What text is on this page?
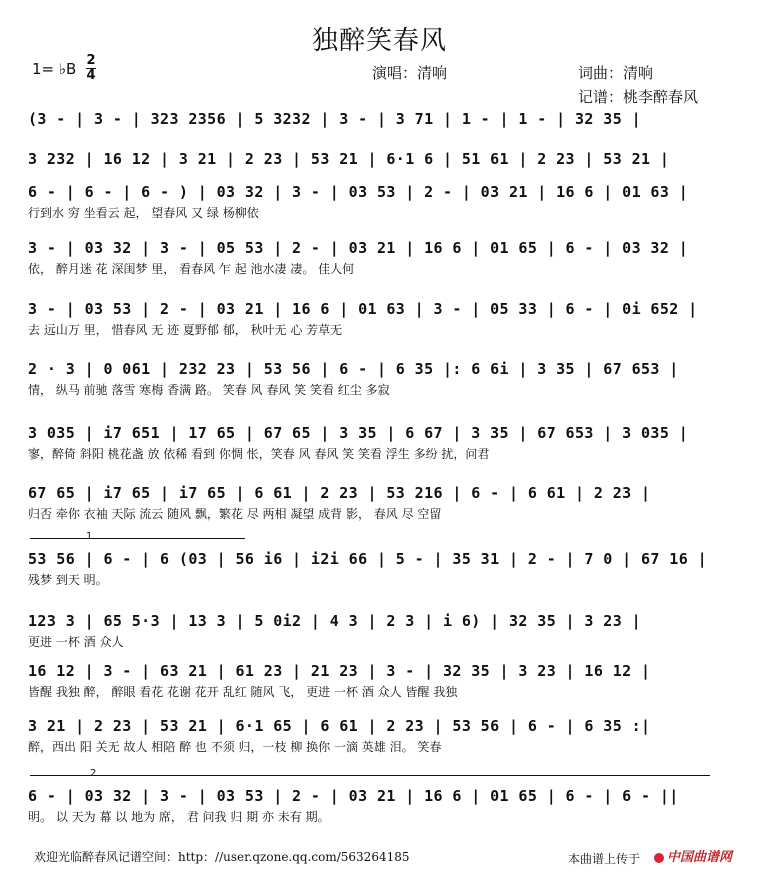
独醉笑春风
1= ♭B 2
4	演唱：清响	词曲：清响
记谱：桃李醉春风
(3 - | 3 - | 323 2356 | 5 3232 | 3 - | 3 71 | 1 - | 1 - | 32 35 |
3 232 | 16 12 | 3 21 | 2 23 | 53 21 | 6·1 6 | 51 61 | 2 23 | 53 21 |
6 - | 6 - | 6 - ) | 03 32 | 3 - | 03 53 | 2 - | 03 21 | 16 6 | 01 63 |
行到水 穷 坐看云 起， 望春风 又 绿 杨柳依
3 - | 03 32 | 3 - | 05 53 | 2 - | 03 21 | 16 6 | 01 65 | 6 - | 03 32 |
依， 醉月迷 花 深闺梦 里， 看春风 乍 起 池水凄 凄。 佳人何
3 - | 03 53 | 2 - | 03 21 | 16 6 | 01 63 | 3 - | 05 33 | 6 - | 0i 652 |
去 远山万 里， 惜春风 无 迹 夏野郁 郁， 秋叶无 心 芳草无
2 · 3 | 0 061 | 232 23 | 53 56 | 6 - | 6 35 |: 6 6i | 3 35 | 67 653 |
情， 纵马 前驰 落雪 寒梅 香满 路。 笑春 风 春风 笑 笑看 红尘 多寂
3 035 | i7 651 | 17 65 | 67 65 | 3 35 | 6 67 | 3 35 | 67 653 | 3 035 |
寥，醉倚 斜阳 桃花盏 放 依稀 看到 你惆 怅，笑春 风 春风 笑 笑看 浮生 多纷 扰，问君
67 65 | i7 65 | i7 65 | 6 61 | 2 23 | 53 216 | 6 - | 6 61 | 2 23 |
归否 牵你 衣袖 天际 流云 随风 飘，繁花 尽 两相 凝望 成背 影， 春风 尽 空留
53 56 | 6 - | 6 (03 | 56 i6 | i2i 66 | 5 - | 35 31 | 2 - | 7 0 | 67 16 |
残梦 到天 明。
123 3 | 65 5·3 | 13 3 | 5 0i2 | 4 3 | 2 3 | i 6) | 32 35 | 3 23 |
更进 一杯 酒 众人
16 12 | 3 - | 63 21 | 61 23 | 21 23 | 3 - | 32 35 | 3 23 | 16 12 |
皆醒 我独 醉， 醉眼 看花 花谢 花开 乱红 随风 飞， 更进 一杯 酒 众人 皆醒 我独
3 21 | 2 23 | 53 21 | 6·1 65 | 6 61 | 2 23 | 53 56 | 6 - | 6 35 :|
醉，西出 阳 关无 故人 相陪 醉 也 不须 归，一枝 柳 换你 一滴 英雄 泪。 笑春
6 - | 03 32 | 3 - | 03 53 | 2 - | 03 21 | 16 6 | 01 65 | 6 - | 6 - ||
明。 以 天为 幕 以 地为 席， 君 问我 归 期 亦 未有 期。
1
2
欢迎光临醉春风记谱空间：http：//user.qzone.qq.com/563264185	本曲谱上传于	中国曲谱网
